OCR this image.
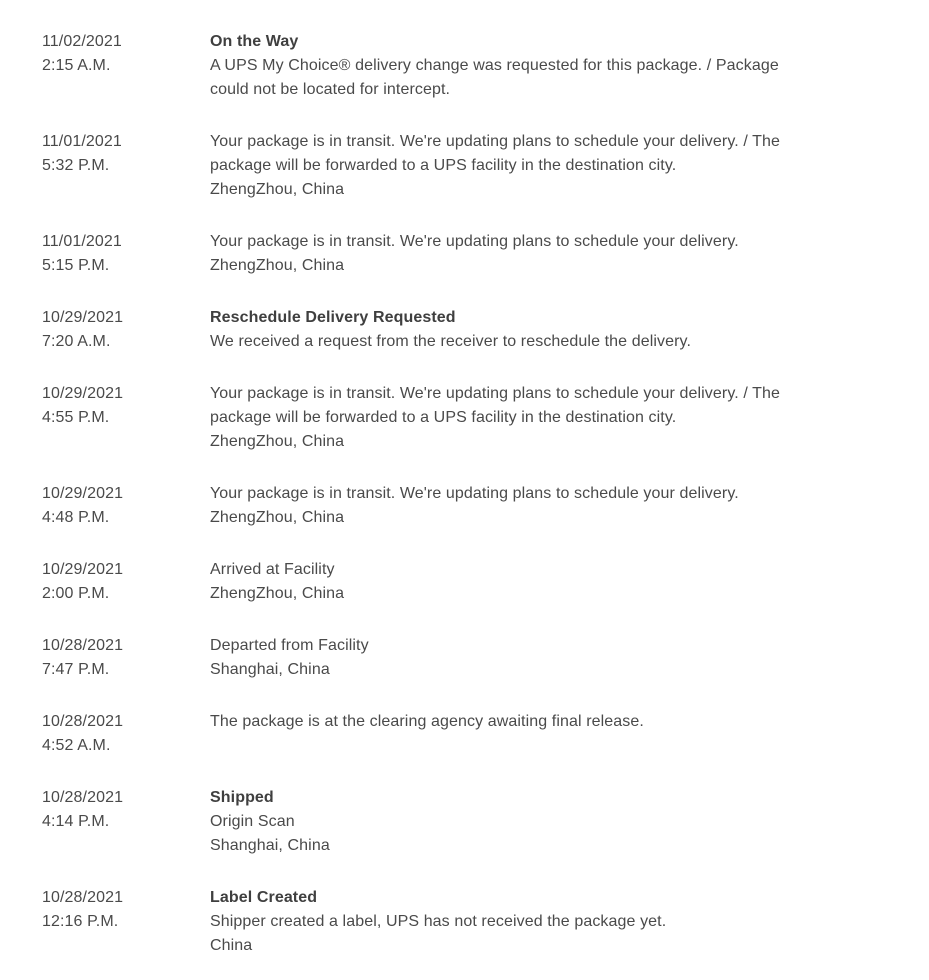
11/02/2021
2:15 A.M.
On the Way
A UPS My Choice® delivery change was requested for this package. / Package could not be located for intercept.
11/01/2021
5:32 P.M.
Your package is in transit. We're updating plans to schedule your delivery. / The package will be forwarded to a UPS facility in the destination city.
ZhengZhou, China
11/01/2021
5:15 P.M.
Your package is in transit. We're updating plans to schedule your delivery.
ZhengZhou, China
10/29/2021
7:20 A.M.
Reschedule Delivery Requested
We received a request from the receiver to reschedule the delivery.
10/29/2021
4:55 P.M.
Your package is in transit. We're updating plans to schedule your delivery. / The package will be forwarded to a UPS facility in the destination city.
ZhengZhou, China
10/29/2021
4:48 P.M.
Your package is in transit. We're updating plans to schedule your delivery.
ZhengZhou, China
10/29/2021
2:00 P.M.
Arrived at Facility
ZhengZhou, China
10/28/2021
7:47 P.M.
Departed from Facility
Shanghai, China
10/28/2021
4:52 A.M.
The package is at the clearing agency awaiting final release.
10/28/2021
4:14 P.M.
Shipped
Origin Scan
Shanghai, China
10/28/2021
12:16 P.M.
Label Created
Shipper created a label, UPS has not received the package yet.
China
